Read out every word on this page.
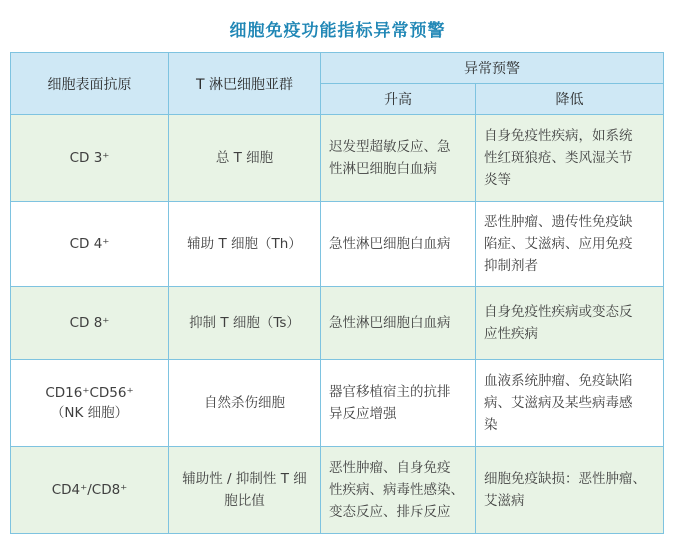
细胞免疫功能指标异常预警
细胞表面抗原	T 淋巴细胞亚群	异常预警	
		升高	降低

CD 3⁺	总 T 细胞	迟发型超敏反应、急
性淋巴细胞白血病	自身免疫性疾病，如系统
性红斑狼疮、类风湿关节
炎等

CD 4⁺	辅助 T 细胞（Th）	急性淋巴细胞白血病	恶性肿瘤、遗传性免疫缺
陷症、艾滋病、应用免疫
抑制剂者

CD 8⁺	抑制 T 细胞（Ts）	急性淋巴细胞白血病	自身免疫性疾病或变态反
应性疾病

CD16⁺CD56⁺
（NK 细胞）	自然杀伤细胞	器官移植宿主的抗排
异反应增强	血液系统肿瘤、免疫缺陷
病、艾滋病及某些病毒感
染

CD4⁺/CD8⁺	辅助性 / 抑制性 T 细
胞比值	恶性肿瘤、自身免疫
性疾病、病毒性感染、
变态反应、排斥反应	细胞免疫缺损：恶性肿瘤、
艾滋病
